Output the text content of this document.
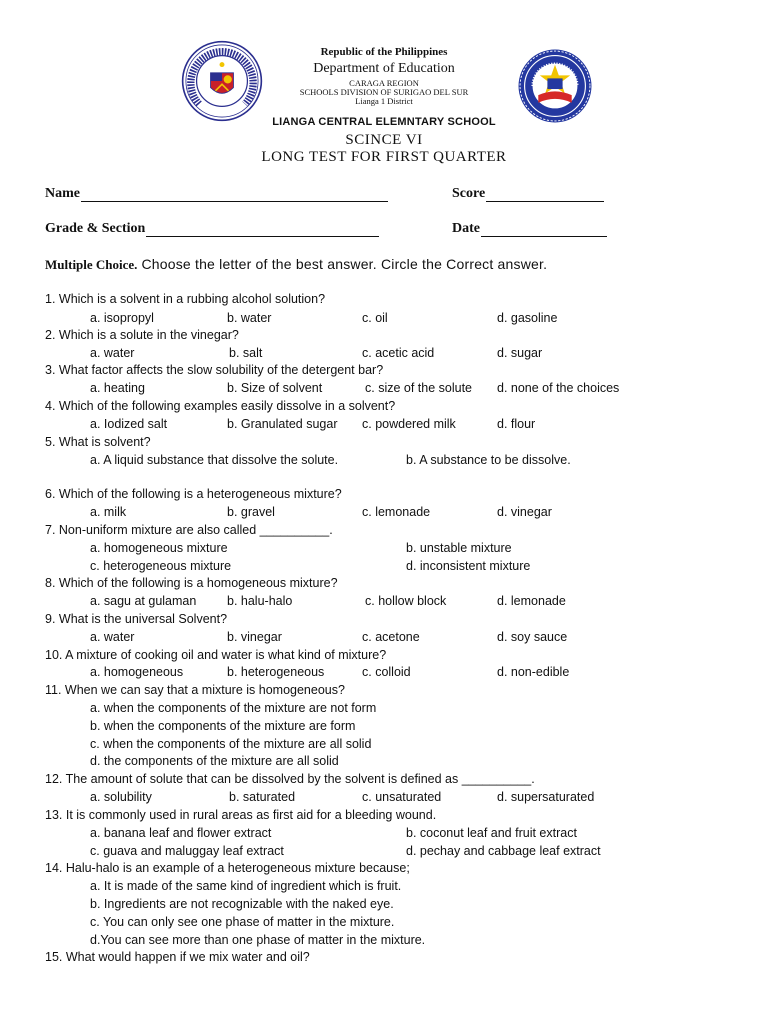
Republic of the Philippines
Department of Education
CARAGA REGION
SCHOOLS DIVISION OF SURIGAO DEL SUR
Lianga 1 District
LIANGA CENTRAL ELEMNTARY SCHOOL
SCINCE VI
LONG TEST FOR FIRST QUARTER
Name	Score
Grade & Section	Date
Multiple Choice. Choose the letter of the best answer. Circle the Correct answer.
1. Which is a solvent in a rubbing alcohol solution?
a. isopropyl	b. water	c. oil	d. gasoline
2. Which is a solute in the vinegar?
a. water	b. salt	c. acetic acid	d. sugar
3. What factor affects the slow solubility of the detergent bar?
a. heating	b. Size of solvent	c. size of the solute d. none of the choices
4. Which of the following examples easily dissolve in a solvent?
a. Iodized salt	b. Granulated sugar c. powdered milk	d. flour
5. What is solvent?
a. A liquid substance that dissolve the solute.	b. A substance to be dissolve.
6. Which of the following is a heterogeneous mixture?
a. milk	b. gravel	c. lemonade	d. vinegar
7. Non-uniform mixture are also called __________.
a. homogeneous mixture	b. unstable mixture
c. heterogeneous mixture	d. inconsistent mixture
8. Which of the following is a homogeneous mixture?
a. sagu at gulaman b. halu-halo	c. hollow block	d. lemonade
9. What is the universal Solvent?
a. water	b. vinegar	c. acetone	d. soy sauce
10. A mixture of cooking oil and water is what kind of mixture?
a. homogeneous	b. heterogeneous	c. colloid	d. non-edible
11. When we can say that a mixture is homogeneous?
a. when the components of the mixture are not form
b. when the components of the mixture are form
c. when the components of the mixture are all solid
d. the components of the mixture are all solid
12. The amount of solute that can be dissolved by the solvent is defined as __________.
a. solubility	b. saturated	c. unsaturated	d. supersaturated
13. It is commonly used in rural areas as first aid for a bleeding wound.
a. banana leaf and flower extract	b. coconut leaf and fruit extract
c. guava and maluggay leaf extract	d. pechay and cabbage leaf extract
14. Halu-halo is an example of a heterogeneous mixture because;
a. It is made of the same kind of ingredient which is fruit.
b. Ingredients are not recognizable with the naked eye.
c. You can only see one phase of matter in the mixture.
d.You can see more than one phase of matter in the mixture.
15. What would happen if we mix water and oil?
